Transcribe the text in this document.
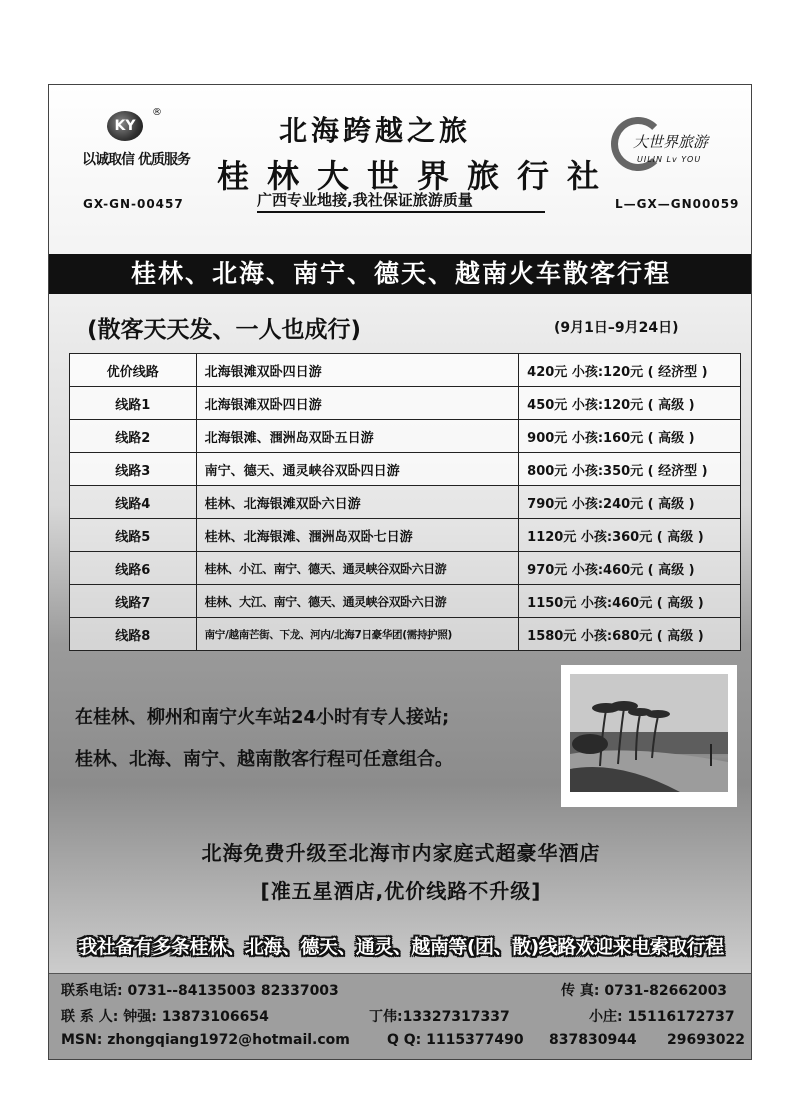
KY
®
以诚取信 优质服务
GX-GN-00457
北海跨越之旅
桂林大世界旅行社
广西专业地接,我社保证旅游质量
大世界旅游
UILIN Lv YOU
L—GX—GN00059
桂林、北海、南宁、德天、越南火车散客行程
(散客天天发、一人也成行)	(9月1日–9月24日)
优价线路	北海银滩双卧四日游	420元 小孩:120元 ( 经济型 )
线路1	北海银滩双卧四日游	450元 小孩:120元 ( 高级 )
线路2	北海银滩、涠洲岛双卧五日游	900元 小孩:160元 ( 高级 )
线路3	南宁、德天、通灵峡谷双卧四日游	800元 小孩:350元 ( 经济型 )
线路4	桂林、北海银滩双卧六日游	790元 小孩:240元 ( 高级 )
线路5	桂林、北海银滩、涠洲岛双卧七日游	1120元 小孩:360元 ( 高级 )
线路6	桂林、小江、南宁、德天、通灵峡谷双卧六日游	970元 小孩:460元 ( 高级 )
线路7	桂林、大江、南宁、德天、通灵峡谷双卧六日游	1150元 小孩:460元 ( 高级 )
线路8	南宁/越南芒街、下龙、河内/北海7日豪华团(需持护照)	1580元 小孩:680元 ( 高级 )
在桂林、柳州和南宁火车站24小时有专人接站;
桂林、北海、南宁、越南散客行程可任意组合。
北海免费升级至北海市内家庭式超豪华酒店
[准五星酒店,优价线路不升级]
我社备有多条桂林、北海、德天、通灵、越南等(团、散)线路欢迎来电索取行程
联系电话: 0731--84135003 82337003	传 真: 0731-82662003
联 系 人: 钟强: 13873106654	丁伟:13327317337	小庄: 15116172737
MSN: zhongqiang1972@hotmail.com	Q Q: 1115377490 837830944 29693022
